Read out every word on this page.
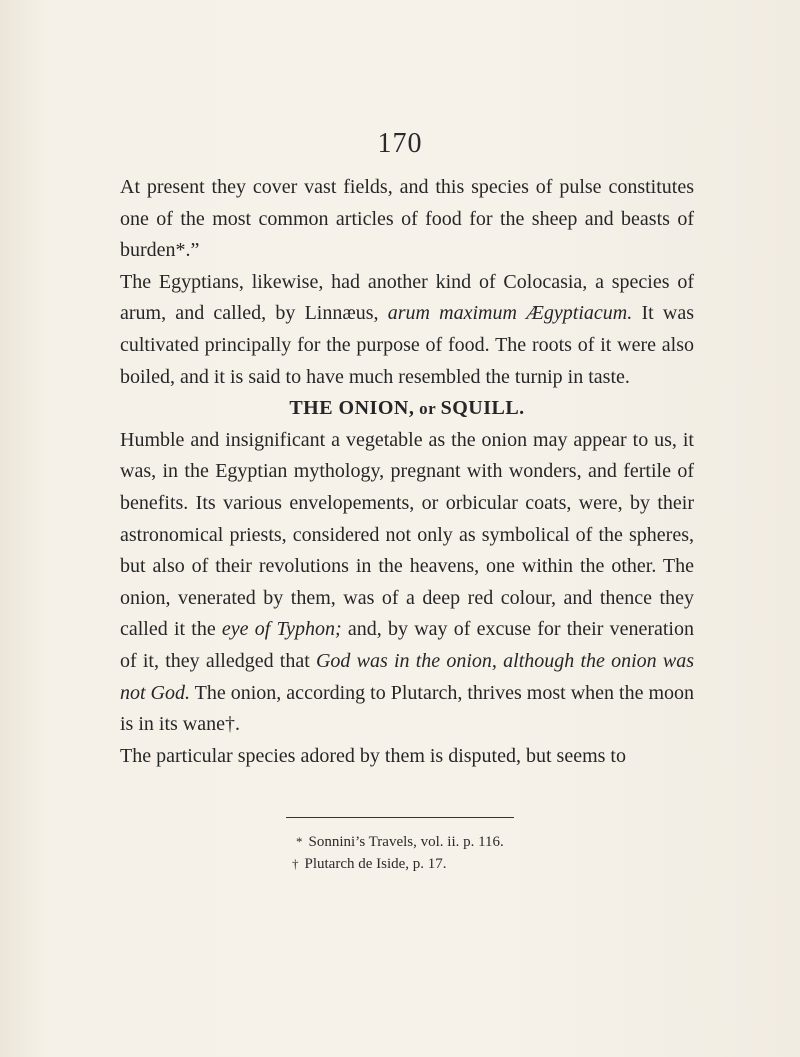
170

At present they cover vast fields, and this species of pulse constitutes one of the most common articles of food for the sheep and beasts of burden*.”

The Egyptians, likewise, had another kind of Colocasia, a species of arum, and called, by Linnæus, arum maximum Ægyptiacum. It was cultivated principally for the purpose of food. The roots of it were also boiled, and it is said to have much resembled the turnip in taste.

THE ONION, or SQUILL.

Humble and insignificant a vegetable as the onion may appear to us, it was, in the Egyptian mythology, pregnant with wonders, and fertile of benefits. Its various envelopements, or orbicular coats, were, by their astronomical priests, considered not only as symbolical of the spheres, but also of their revolutions in the heavens, one within the other. The onion, venerated by them, was of a deep red colour, and thence they called it the eye of Typhon; and, by way of excuse for their veneration of it, they alledged that God was in the onion, although the onion was not God. The onion, according to Plutarch, thrives most when the moon is in its wane†.

The particular species adored by them is disputed, but seems to

* Sonnini’s Travels, vol. ii. p. 116.
† Plutarch de Iside, p. 17.
